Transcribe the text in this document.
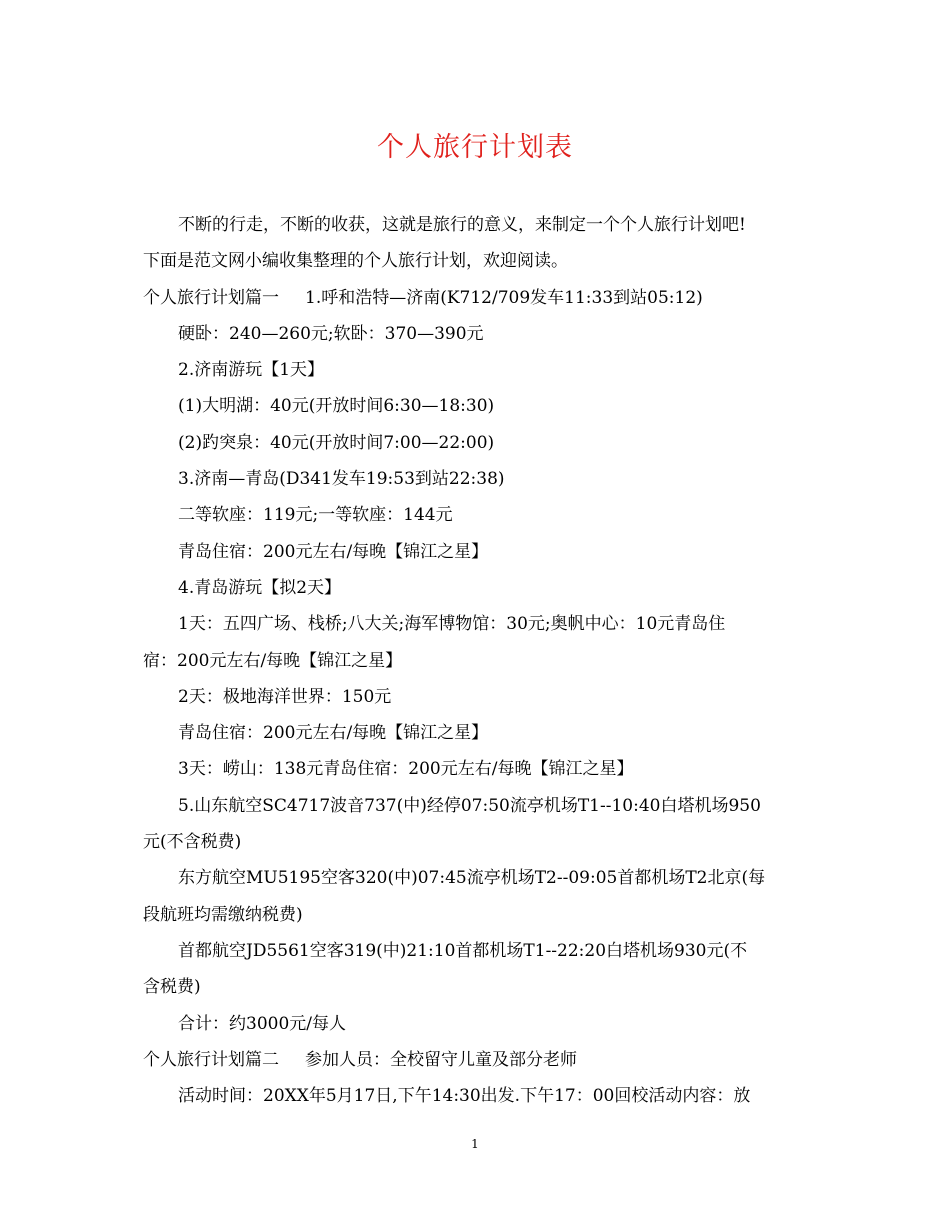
个人旅行计划表

不断的行走，不断的收获，这就是旅行的意义，来制定一个个人旅行计划吧!

下面是范文网小编收集整理的个人旅行计划，欢迎阅读。

个人旅行计划篇一 1.呼和浩特—济南(K712/709发车11:33到站05:12)

硬卧：240—260元;软卧：370—390元

2.济南游玩【1天】

(1)大明湖：40元(开放时间6:30—18:30)

(2)趵突泉：40元(开放时间7:00—22:00)

3.济南—青岛(D341发车19:53到站22:38)

二等软座：119元;一等软座：144元

青岛住宿：200元左右/每晚【锦江之星】

4.青岛游玩【拟2天】

1天：五四广场、栈桥;八大关;海军博物馆：30元;奥帆中心：10元青岛住

宿：200元左右/每晚【锦江之星】

2天：极地海洋世界：150元

青岛住宿：200元左右/每晚【锦江之星】

3天：崂山：138元青岛住宿：200元左右/每晚【锦江之星】

5.山东航空SC4717波音737(中)经停07:50流亭机场T1--10:40白塔机场950

元(不含税费)

东方航空MU5195空客320(中)07:45流亭机场T2--09:05首都机场T2北京(每

段航班均需缴纳税费)

首都航空JD5561空客319(中)21:10首都机场T1--22:20白塔机场930元(不

含税费)

合计：约3000元/每人

个人旅行计划篇二 参加人员：全校留守儿童及部分老师

活动时间：20XX年5月17日,下午14:30出发.下午17：00回校活动内容：放

1
